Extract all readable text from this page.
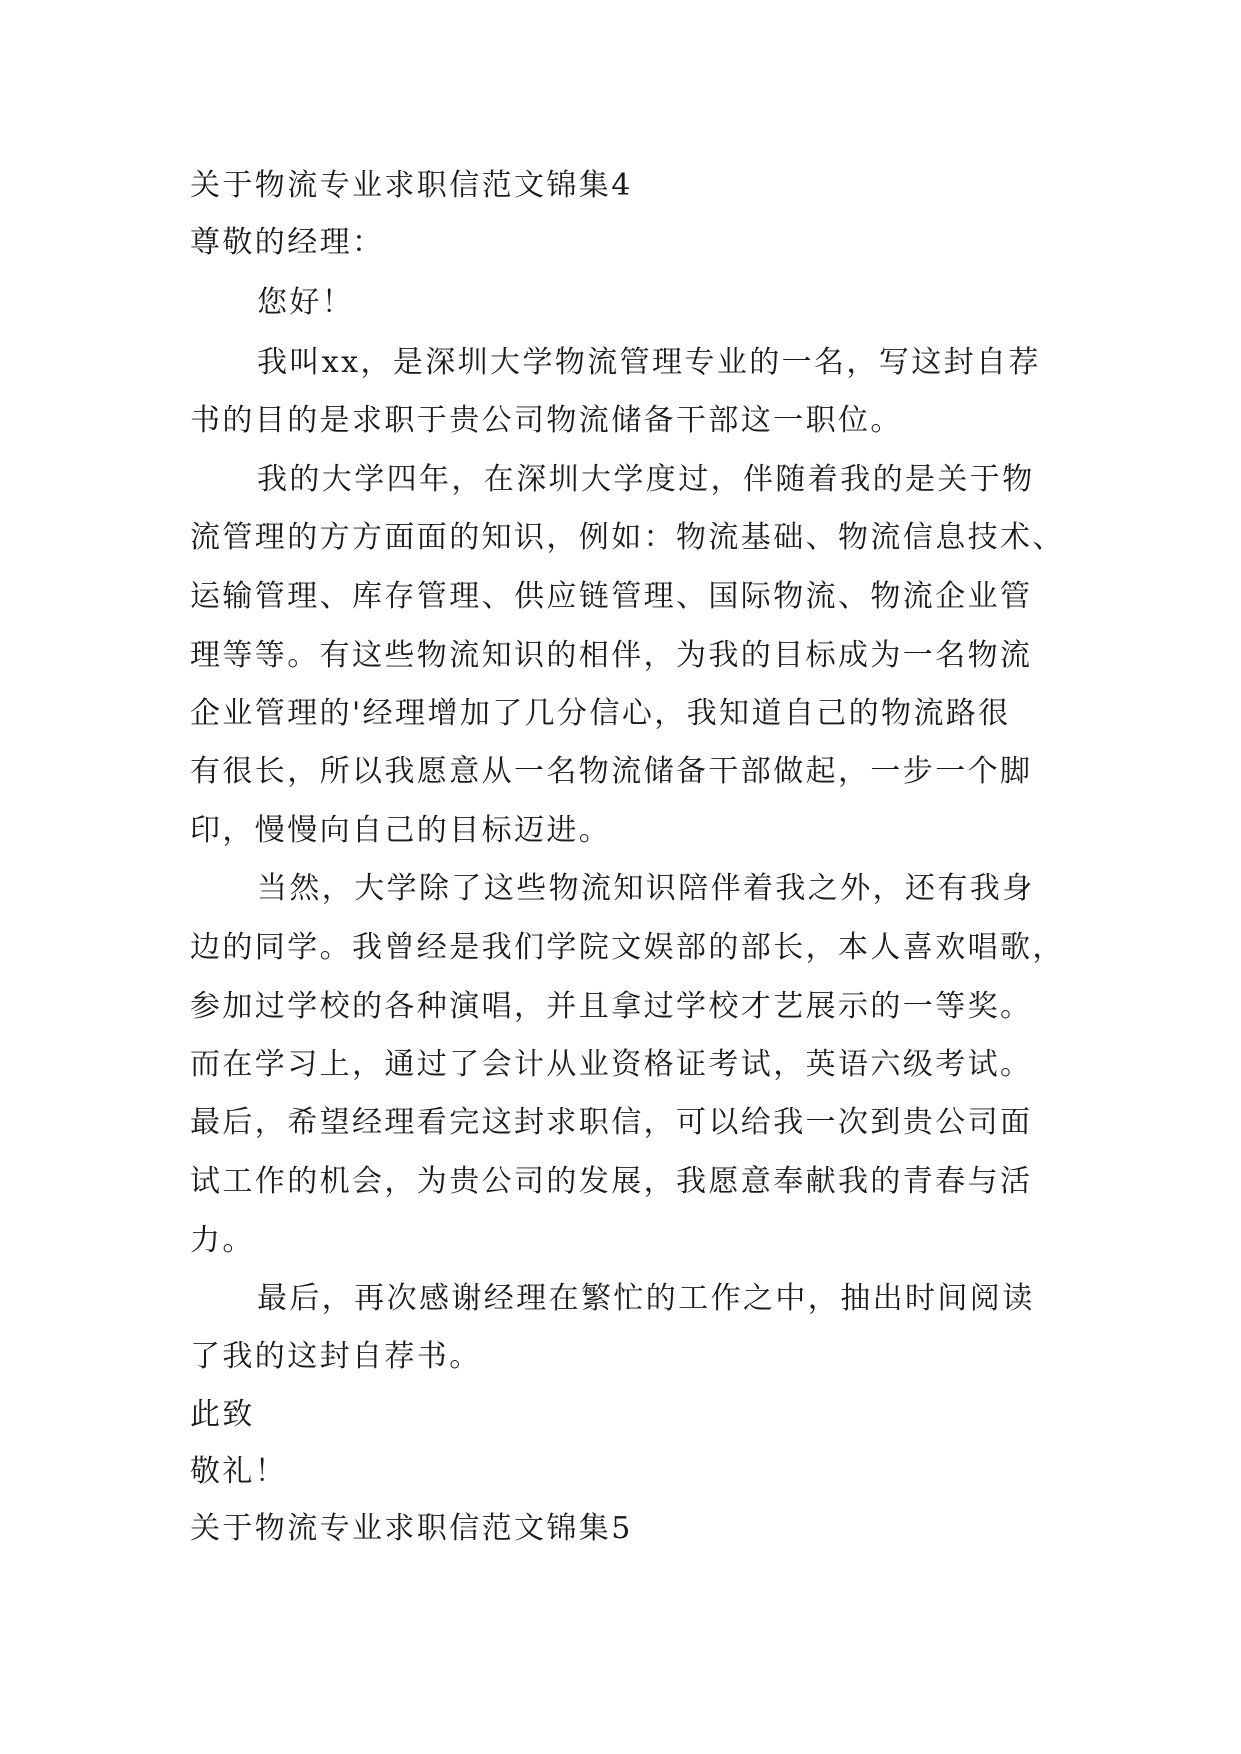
关于物流专业求职信范文锦集4
尊敬的经理：
您好！
我叫xx，是深圳大学物流管理专业的一名，写这封自荐
书的目的是求职于贵公司物流储备干部这一职位。
我的大学四年，在深圳大学度过，伴随着我的是关于物
流管理的方方面面的知识，例如：物流基础、物流信息技术、
运输管理、库存管理、供应链管理、国际物流、物流企业管
理等等。有这些物流知识的相伴，为我的目标成为一名物流
企业管理的'经理增加了几分信心，我知道自己的物流路很
有很长，所以我愿意从一名物流储备干部做起，一步一个脚
印，慢慢向自己的目标迈进。
当然，大学除了这些物流知识陪伴着我之外，还有我身
边的同学。我曾经是我们学院文娱部的部长，本人喜欢唱歌，
参加过学校的各种演唱，并且拿过学校才艺展示的一等奖。
而在学习上，通过了会计从业资格证考试，英语六级考试。
最后，希望经理看完这封求职信，可以给我一次到贵公司面
试工作的机会，为贵公司的发展，我愿意奉献我的青春与活
力。
最后，再次感谢经理在繁忙的工作之中，抽出时间阅读
了我的这封自荐书。
此致
敬礼！
关于物流专业求职信范文锦集5
